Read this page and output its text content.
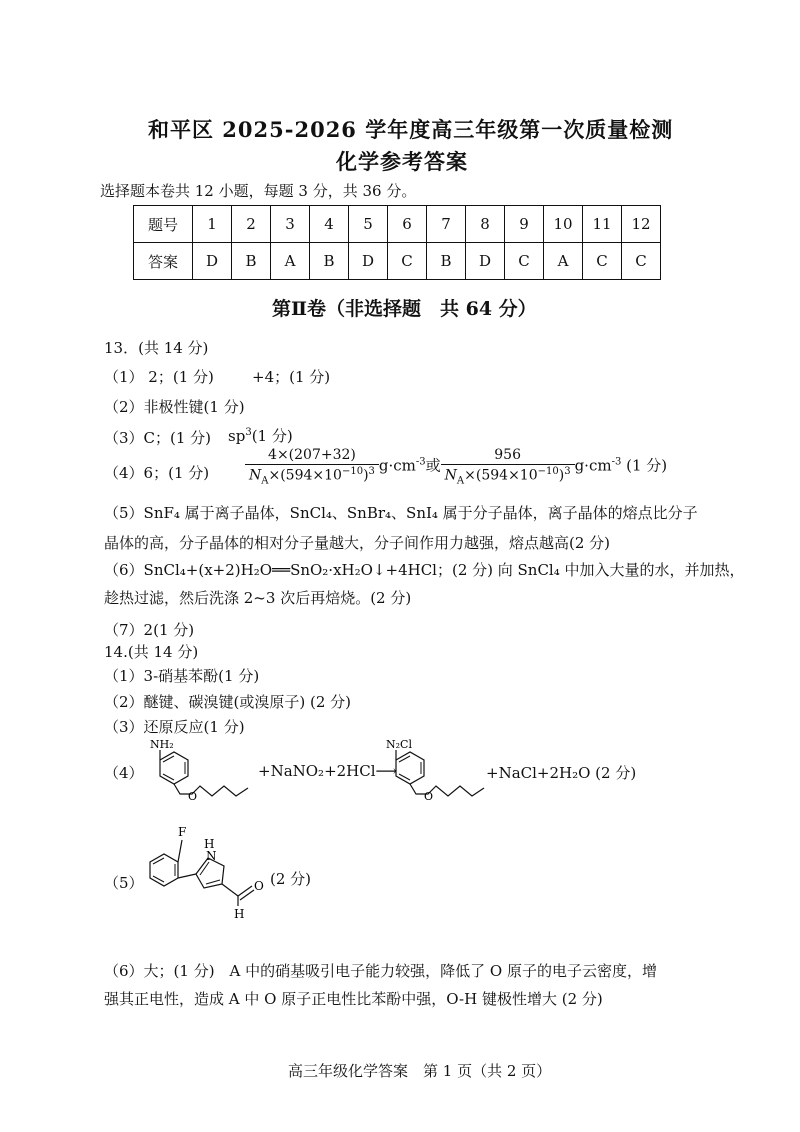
和平区 2025-2026 学年度高三年级第一次质量检测
化学参考答案
选择题本卷共 12 小题，每题 3 分，共 36 分。
题号	1	2	3	4	5	6	7	8	9	10	11	12
答案	D	B	A	B	D	C	B	D	C	A	C	C
第Ⅱ卷（非选择题　共 64 分）
13．(共 14 分)
（1） 2；(1 分)	+4；(1 分)
（2）非极性键(1 分)
（3）C；(1 分) $sp^3(1$ 分)
（4）6；(1 分)	$\frac{4\times(207+32)}{N_A\times(594\times 10^{-10})^3} g\cdot cm^{-3}$或 $\frac{956}{N_A\times(594\times 10^{-10})^3} g\cdot cm^{-3}$ (1 分)
（5）SnF₄ 属于离子晶体，SnCl₄、SnBr₄、SnI₄ 属于分子晶体，离子晶体的熔点比分子
晶体的高，分子晶体的相对分子量越大，分子间作用力越强，熔点越高(2 分)
（6）SnCl₄+(x+2)H₂O══SnO₂·xH₂O↓+4HCl；(2 分) 向 SnCl₄ 中加入大量的水，并加热，
趁热过滤，然后洗涤 2~3 次后再焙烧。(2 分)
（7）2(1 分)
14.(共 14 分)
（1）3-硝基苯酚(1 分)
（2）醚键、碳溴键(或溴原子) (2 分)
（3）还原反应(1 分)
（4）
O
NH₂
+NaNO₂+2HCl⟶
O
N₂Cl
+NaCl+2H₂O (2 分)
（5）
F
H
N
O
H
(2 分)
（6）大；(1 分)　A 中的硝基吸引电子能力较强，降低了 O 原子的电子云密度，增
强其正电性，造成 A 中 O 原子正电性比苯酚中强，O-H 键极性增大 (2 分)
高三年级化学答案　第 1 页（共 2 页）
